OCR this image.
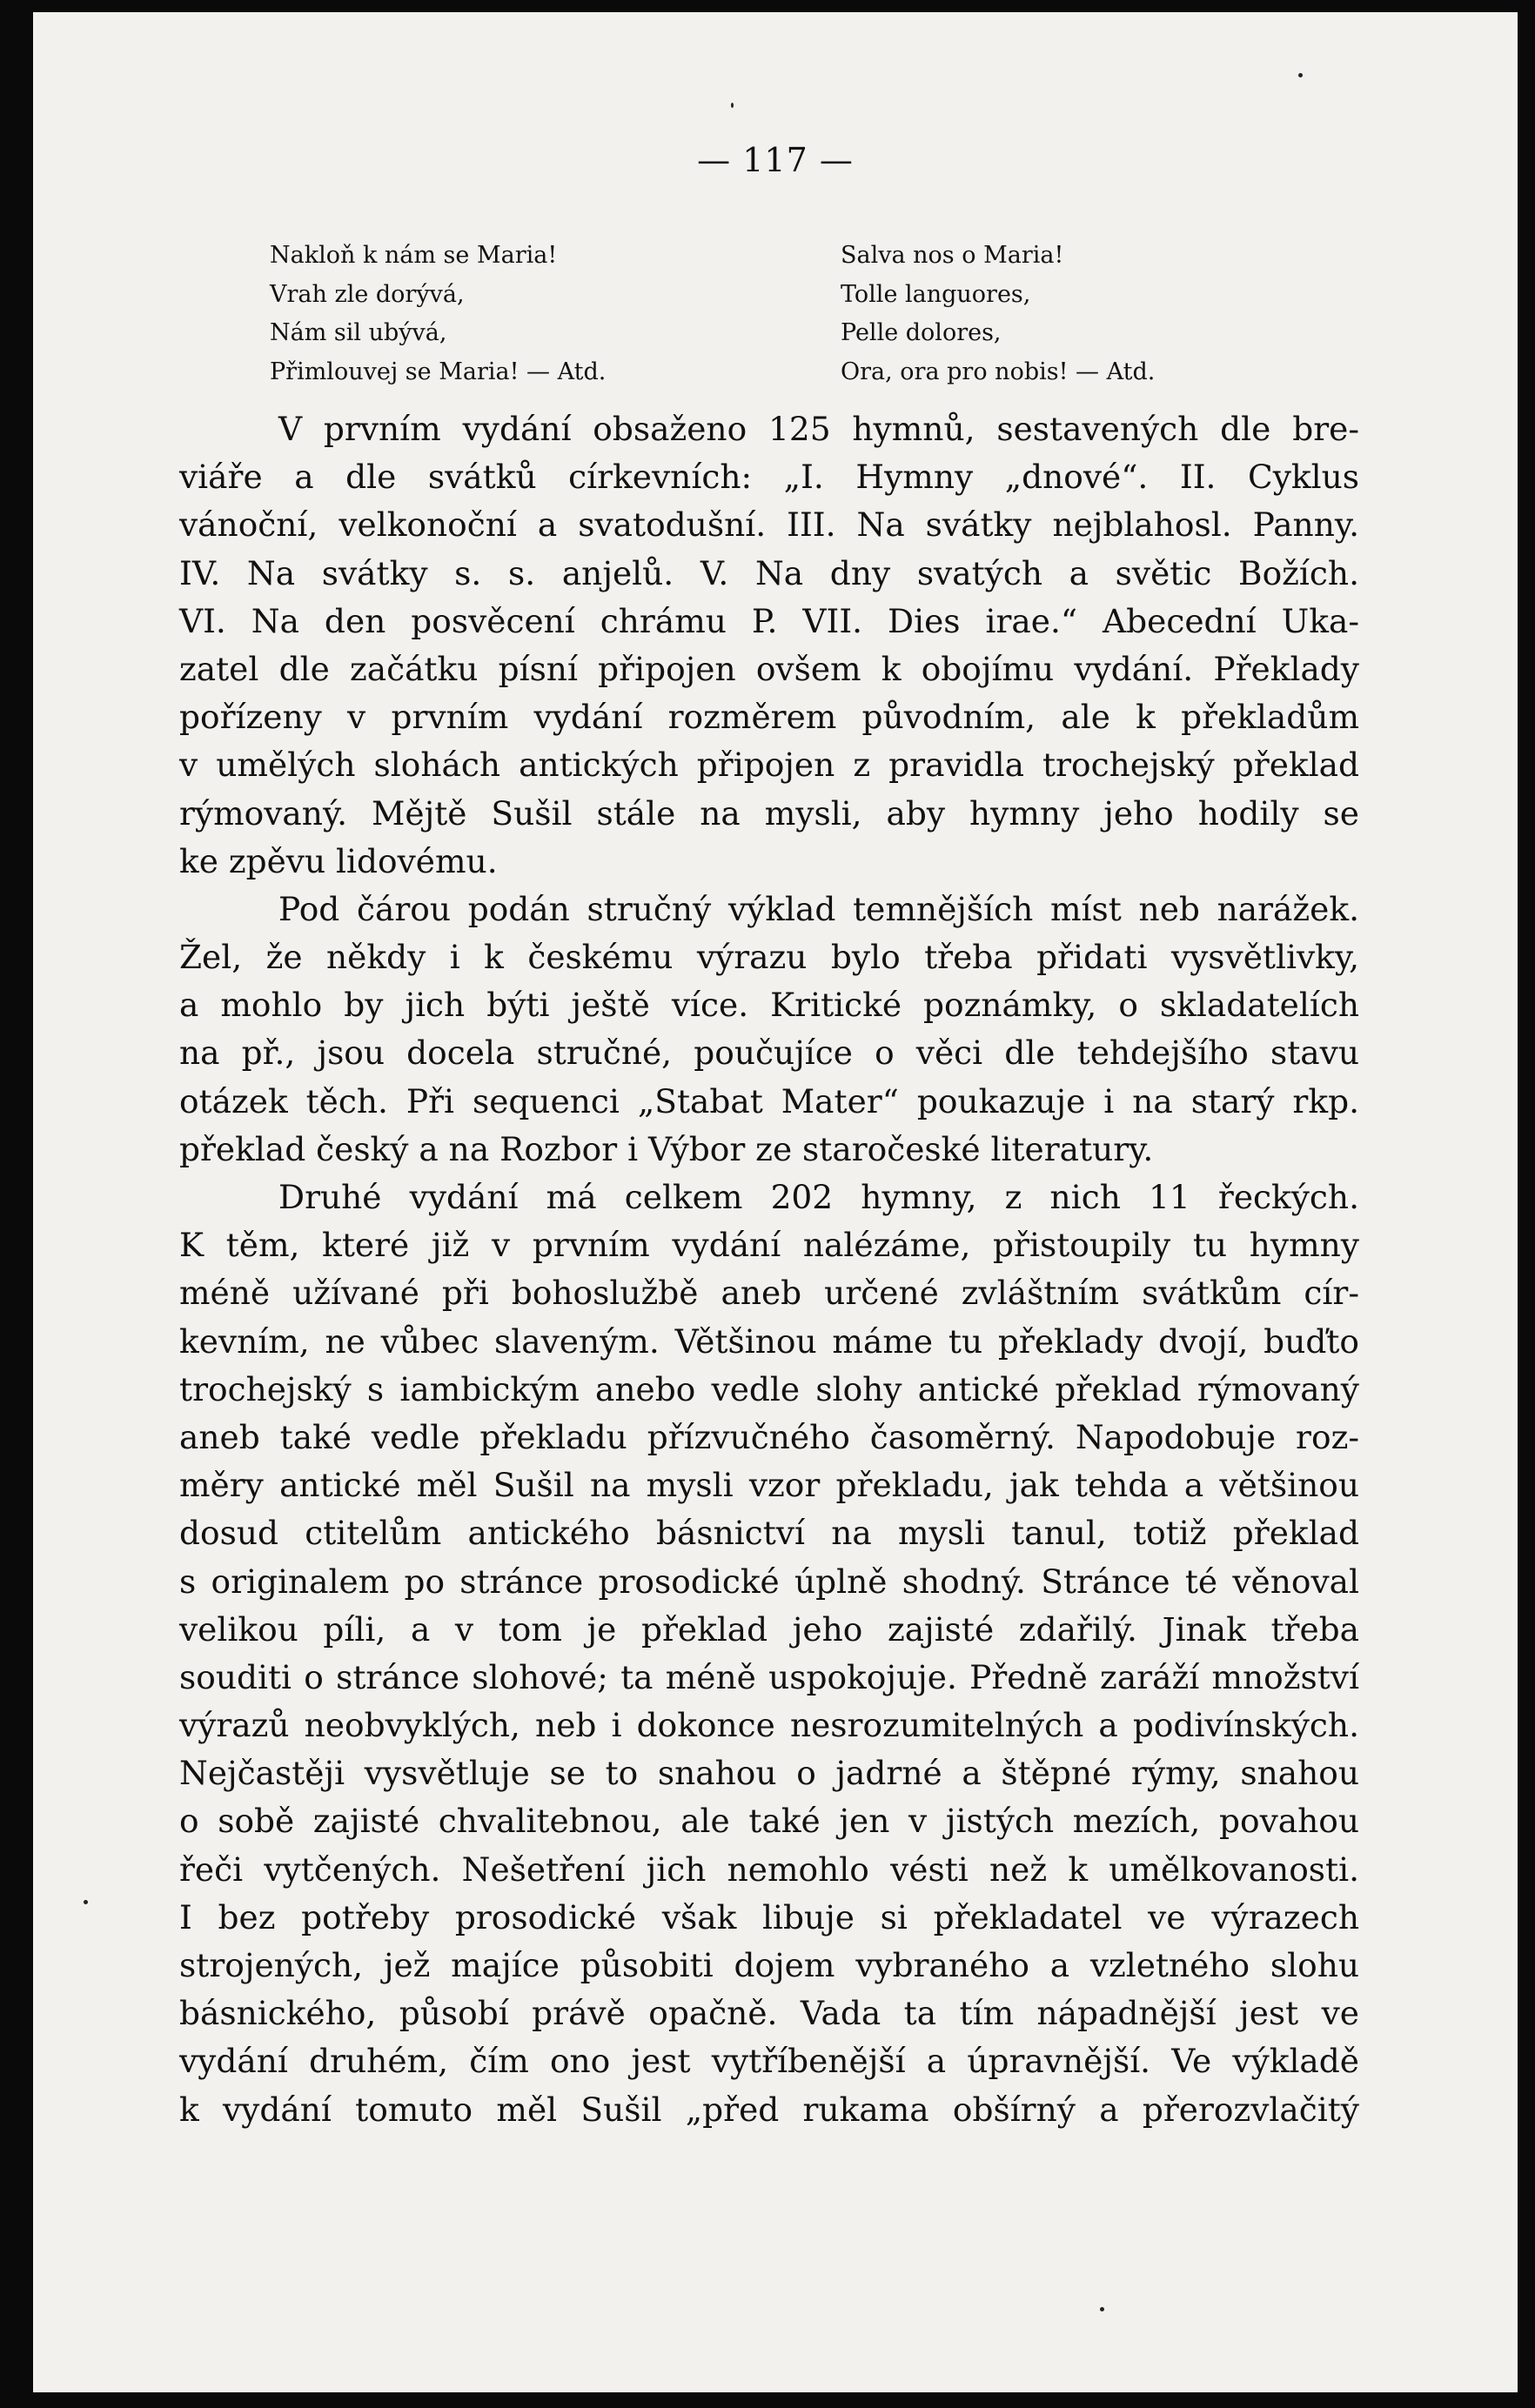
— 117 —
Nakloň k nám se Maria!
Vrah zle dorývá,
Nám sil ubývá,
Přimlouvej se Maria! — Atd.
Salva nos o Maria!
Tolle languores,
Pelle dolores,
Ora, ora pro nobis! — Atd.
V prvním vydání obsaženo 125 hymnů, sestavených dle bre-
viáře a dle svátků církevních: „I. Hymny „dnové“. II. Cyklus
vánoční, velkonoční a svatodušní. III. Na svátky nejblahosl. Panny.
IV. Na svátky s. s. anjelů. V. Na dny svatých a světic Božích.
VI. Na den posvěcení chrámu P. VII. Dies irae.“ Abecední Uka-
zatel dle začátku písní připojen ovšem k obojímu vydání. Překlady
pořízeny v prvním vydání rozměrem původním, ale k překladům
v umělých slohách antických připojen z pravidla trochejský překlad
rýmovaný. Mějtě Sušil stále na mysli, aby hymny jeho hodily se
ke zpěvu lidovému.
Pod čárou podán stručný výklad temnějších míst neb narážek.
Žel, že někdy i k českému výrazu bylo třeba přidati vysvětlivky,
a mohlo by jich býti ještě více. Kritické poznámky, o skladatelích
na př., jsou docela stručné, poučujíce o věci dle tehdejšího stavu
otázek těch. Při sequenci „Stabat Mater“ poukazuje i na starý rkp.
překlad český a na Rozbor i Výbor ze staročeské literatury.
Druhé vydání má celkem 202 hymny, z nich 11 řeckých.
K těm, které již v prvním vydání nalézáme, přistoupily tu hymny
méně užívané při bohoslužbě aneb určené zvláštním svátkům cír-
kevním, ne vůbec slaveným. Většinou máme tu překlady dvojí, buďto
trochejský s iambickým anebo vedle slohy antické překlad rýmovaný
aneb také vedle překladu přízvučného časoměrný. Napodobuje roz-
měry antické měl Sušil na mysli vzor překladu, jak tehda a většinou
dosud ctitelům antického básnictví na mysli tanul, totiž překlad
s originalem po stránce prosodické úplně shodný. Stránce té věnoval
velikou píli, a v tom je překlad jeho zajisté zdařilý. Jinak třeba
souditi o stránce slohové; ta méně uspokojuje. Předně zaráží množství
výrazů neobvyklých, neb i dokonce nesrozumitelných a podivínských.
Nejčastěji vysvětluje se to snahou o jadrné a štěpné rýmy, snahou
o sobě zajisté chvalitebnou, ale také jen v jistých mezích, povahou
řeči vytčených. Nešetření jich nemohlo vésti než k umělkovanosti.
I bez potřeby prosodické však libuje si překladatel ve výrazech
strojených, jež majíce působiti dojem vybraného a vzletného slohu
básnického, působí právě opačně. Vada ta tím nápadnější jest ve
vydání druhém, čím ono jest vytříbenější a úpravnější. Ve výkladě
k vydání tomuto měl Sušil „před rukama obšírný a přerozvlačitý
